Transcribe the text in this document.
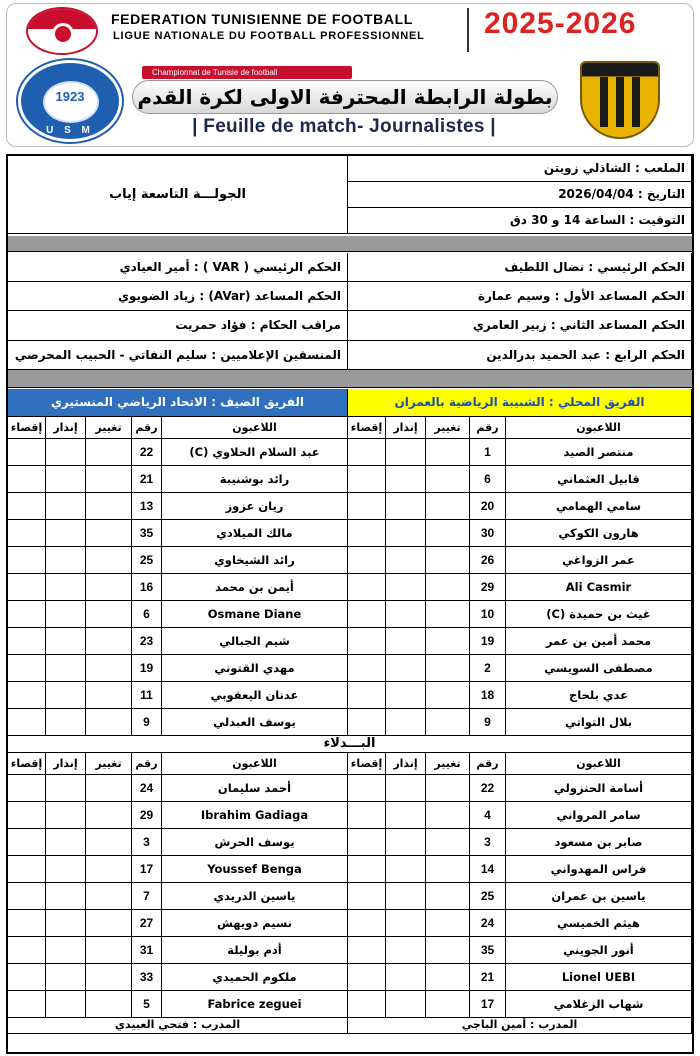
FEDERATION TUNISIENNE DE FOOTBALL
LIGUE NATIONALE DU FOOTBALL PROFESSIONNEL 2025-2026
1923
U S M
Championnat de Tunisie de football
بطولة الرابطة المحترفة الاولى لكرة القدم
| Feuille de match- Journalistes |
الجولـــة التاسعة إياب
الملعب : الشاذلي زويتن
التاريخ : 2026/04/04
التوقيت : الساعة 14 و 30 دق
الحكم الرئيسي ( VAR ) : أمير العيادي	الحكم الرئيسي : نضال اللطيف
الحكم المساعد (AVar) : زياد الضويوي	الحكم المساعد الأول : وسيم عمارة
مراقب الحكام : فؤاد حمريت	الحكم المساعد الثاني : زبير العامري
المنسقين الإعلاميين : سليم النفاتي - الحبيب المحرصي	الحكم الرابع : عبد الحميد بدرالدين
الفريق الضيف : الاتحاد الرياضي المنستيري	الفريق المحلي : الشبيبة الرياضية بالعمران
إقصاء	إنذار	تغيير	رقم	اللاعبون	إقصاء	إنذار	تغيير	رقم	اللاعبون
22	عبد السلام الحلاوي (C)	1	منتصر الصيد
21	رائد بوشنيبة	6	قابيل العثماني
13	ريان عزوز	20	سامي الهمامي
35	مالك الميلادي	30	هارون الكوكي
25	رائد الشيخاوي	26	عمر الزواغي
16	أيمن بن محمد	29	Ali Casmir
6	Osmane Diane	10	غيث بن حميدة (C)
23	شيم الجبالي	19	محمد أمين بن عمر
19	مهدي القتوني	2	مصطفى السويسي
11	عدنان اليعقوبي	18	عدي بلحاج
9	يوسف العبدلي	9	بلال التواتي
البـــدلاء
إقصاء	إنذار	تغيير	رقم	اللاعبون	إقصاء	إنذار	تغيير	رقم	اللاعبون
24	أحمد سليمان	22	أسامة الحنزولي
29	Ibrahim Gadiaga	4	سامر المرواني
3	يوسف الحرش	3	صابر بن مسعود
17	Youssef Benga	14	فراس المهدواني
7	ياسين الدريدي	25	ياسين بن عمران
27	نسيم دويهش	24	هيثم الخميسي
31	أدم بوليلة	35	أنور الجويني
33	ملكوم الحميدي	21	Lionel UEBI
5	Fabrice zeguei	17	شهاب الزغلامي
المدرب : فتحي العبيدي	المدرب : أمين الباجي
